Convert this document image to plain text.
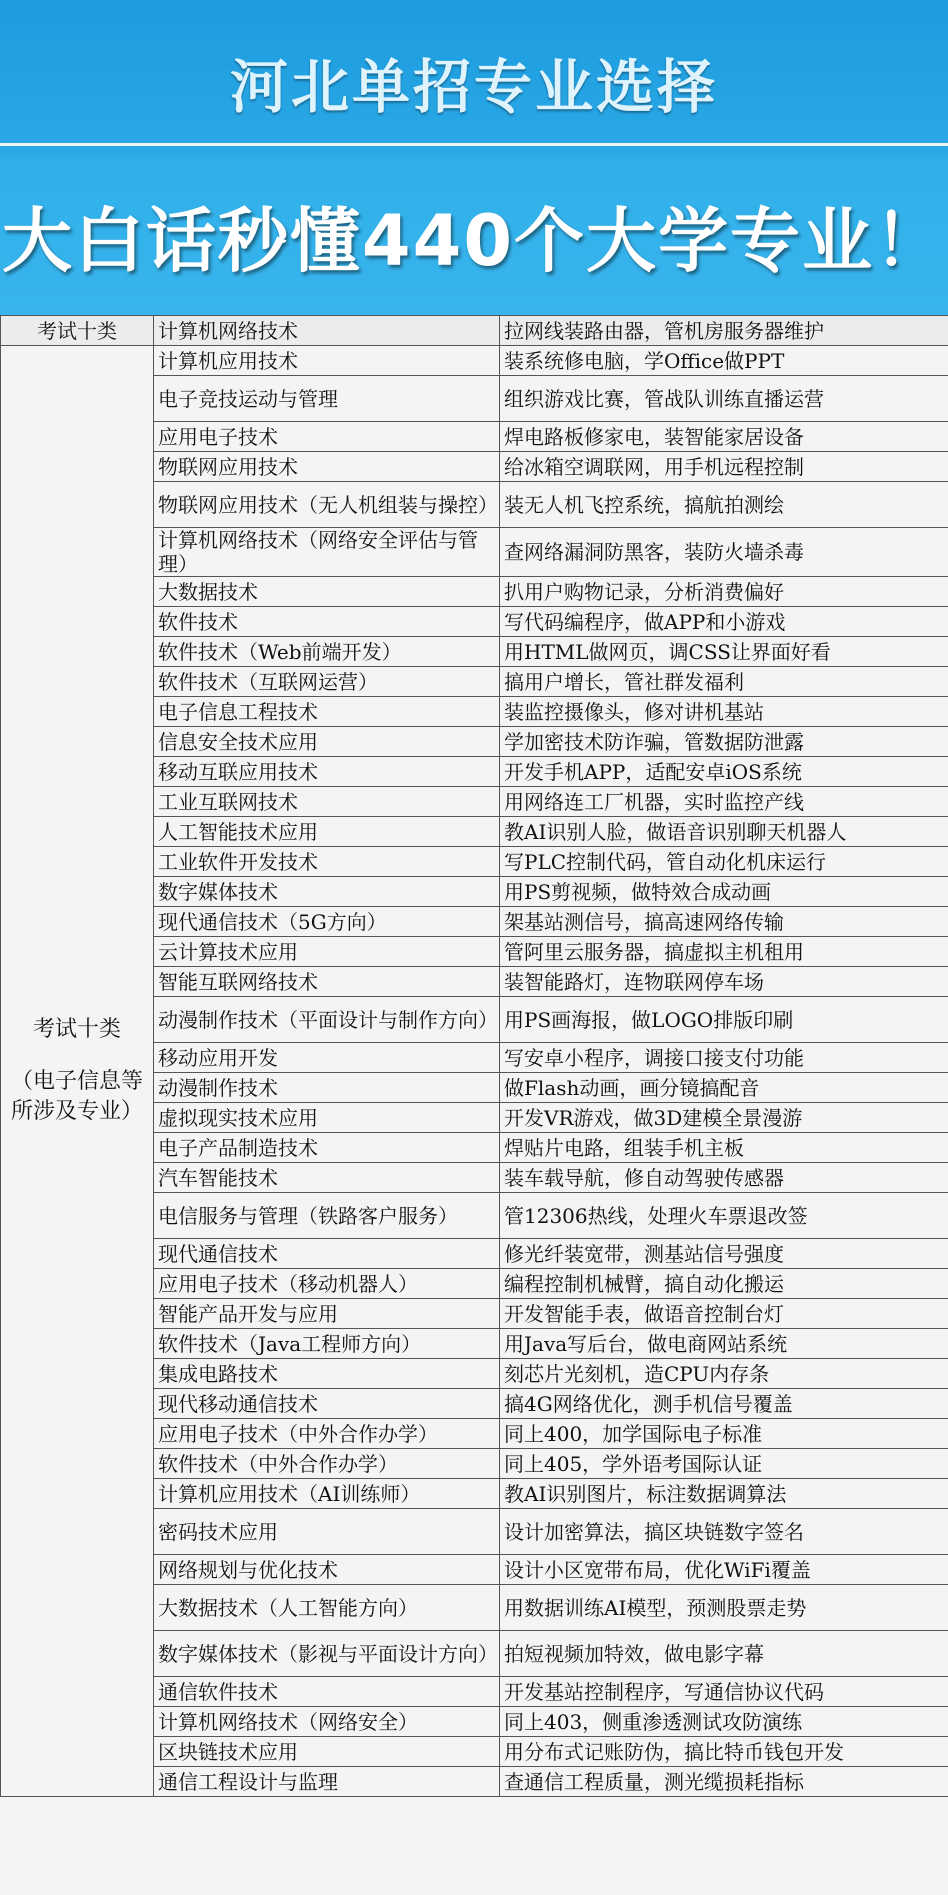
河北单招专业选择
大白话秒懂440个大学专业！
考试十类	计算机网络技术	拉网线装路由器，管机房服务器维护

考试十类
（电子信息等所涉及专业）	计算机应用技术	装系统修电脑，学Office做PPT
	电子竞技运动与管理	组织游戏比赛，管战队训练直播运营
	应用电子技术	焊电路板修家电，装智能家居设备
	物联网应用技术	给冰箱空调联网，用手机远程控制
	物联网应用技术（无人机组装与操控）	装无人机飞控系统，搞航拍测绘
	计算机网络技术（网络安全评估与管理）	查网络漏洞防黑客，装防火墙杀毒
	大数据技术	扒用户购物记录，分析消费偏好
	软件技术	写代码编程序，做APP和小游戏
	软件技术（Web前端开发）	用HTML做网页，调CSS让界面好看
	软件技术（互联网运营）	搞用户增长，管社群发福利
	电子信息工程技术	装监控摄像头，修对讲机基站
	信息安全技术应用	学加密技术防诈骗，管数据防泄露
	移动互联应用技术	开发手机APP，适配安卓iOS系统
	工业互联网技术	用网络连工厂机器，实时监控产线
	人工智能技术应用	教AI识别人脸，做语音识别聊天机器人
	工业软件开发技术	写PLC控制代码，管自动化机床运行
	数字媒体技术	用PS剪视频，做特效合成动画
	现代通信技术（5G方向）	架基站测信号，搞高速网络传输
	云计算技术应用	管阿里云服务器，搞虚拟主机租用
	智能互联网络技术	装智能路灯，连物联网停车场
	动漫制作技术（平面设计与制作方向）	用PS画海报，做LOGO排版印刷
	移动应用开发	写安卓小程序，调接口接支付功能
	动漫制作技术	做Flash动画，画分镜搞配音
	虚拟现实技术应用	开发VR游戏，做3D建模全景漫游
	电子产品制造技术	焊贴片电路，组装手机主板
	汽车智能技术	装车载导航，修自动驾驶传感器
	电信服务与管理（铁路客户服务）	管12306热线，处理火车票退改签
	现代通信技术	修光纤装宽带，测基站信号强度
	应用电子技术（移动机器人）	编程控制机械臂，搞自动化搬运
	智能产品开发与应用	开发智能手表，做语音控制台灯
	软件技术（Java工程师方向）	用Java写后台，做电商网站系统
	集成电路技术	刻芯片光刻机，造CPU内存条
	现代移动通信技术	搞4G网络优化，测手机信号覆盖
	应用电子技术（中外合作办学）	同上400，加学国际电子标准
	软件技术（中外合作办学）	同上405，学外语考国际认证
	计算机应用技术（AI训练师）	教AI识别图片，标注数据调算法
	密码技术应用	设计加密算法，搞区块链数字签名
	网络规划与优化技术	设计小区宽带布局，优化WiFi覆盖
	大数据技术（人工智能方向）	用数据训练AI模型，预测股票走势
	数字媒体技术（影视与平面设计方向）	拍短视频加特效，做电影字幕
	通信软件技术	开发基站控制程序，写通信协议代码
	计算机网络技术（网络安全）	同上403，侧重渗透测试攻防演练
	区块链技术应用	用分布式记账防伪，搞比特币钱包开发
	通信工程设计与监理	查通信工程质量，测光缆损耗指标
